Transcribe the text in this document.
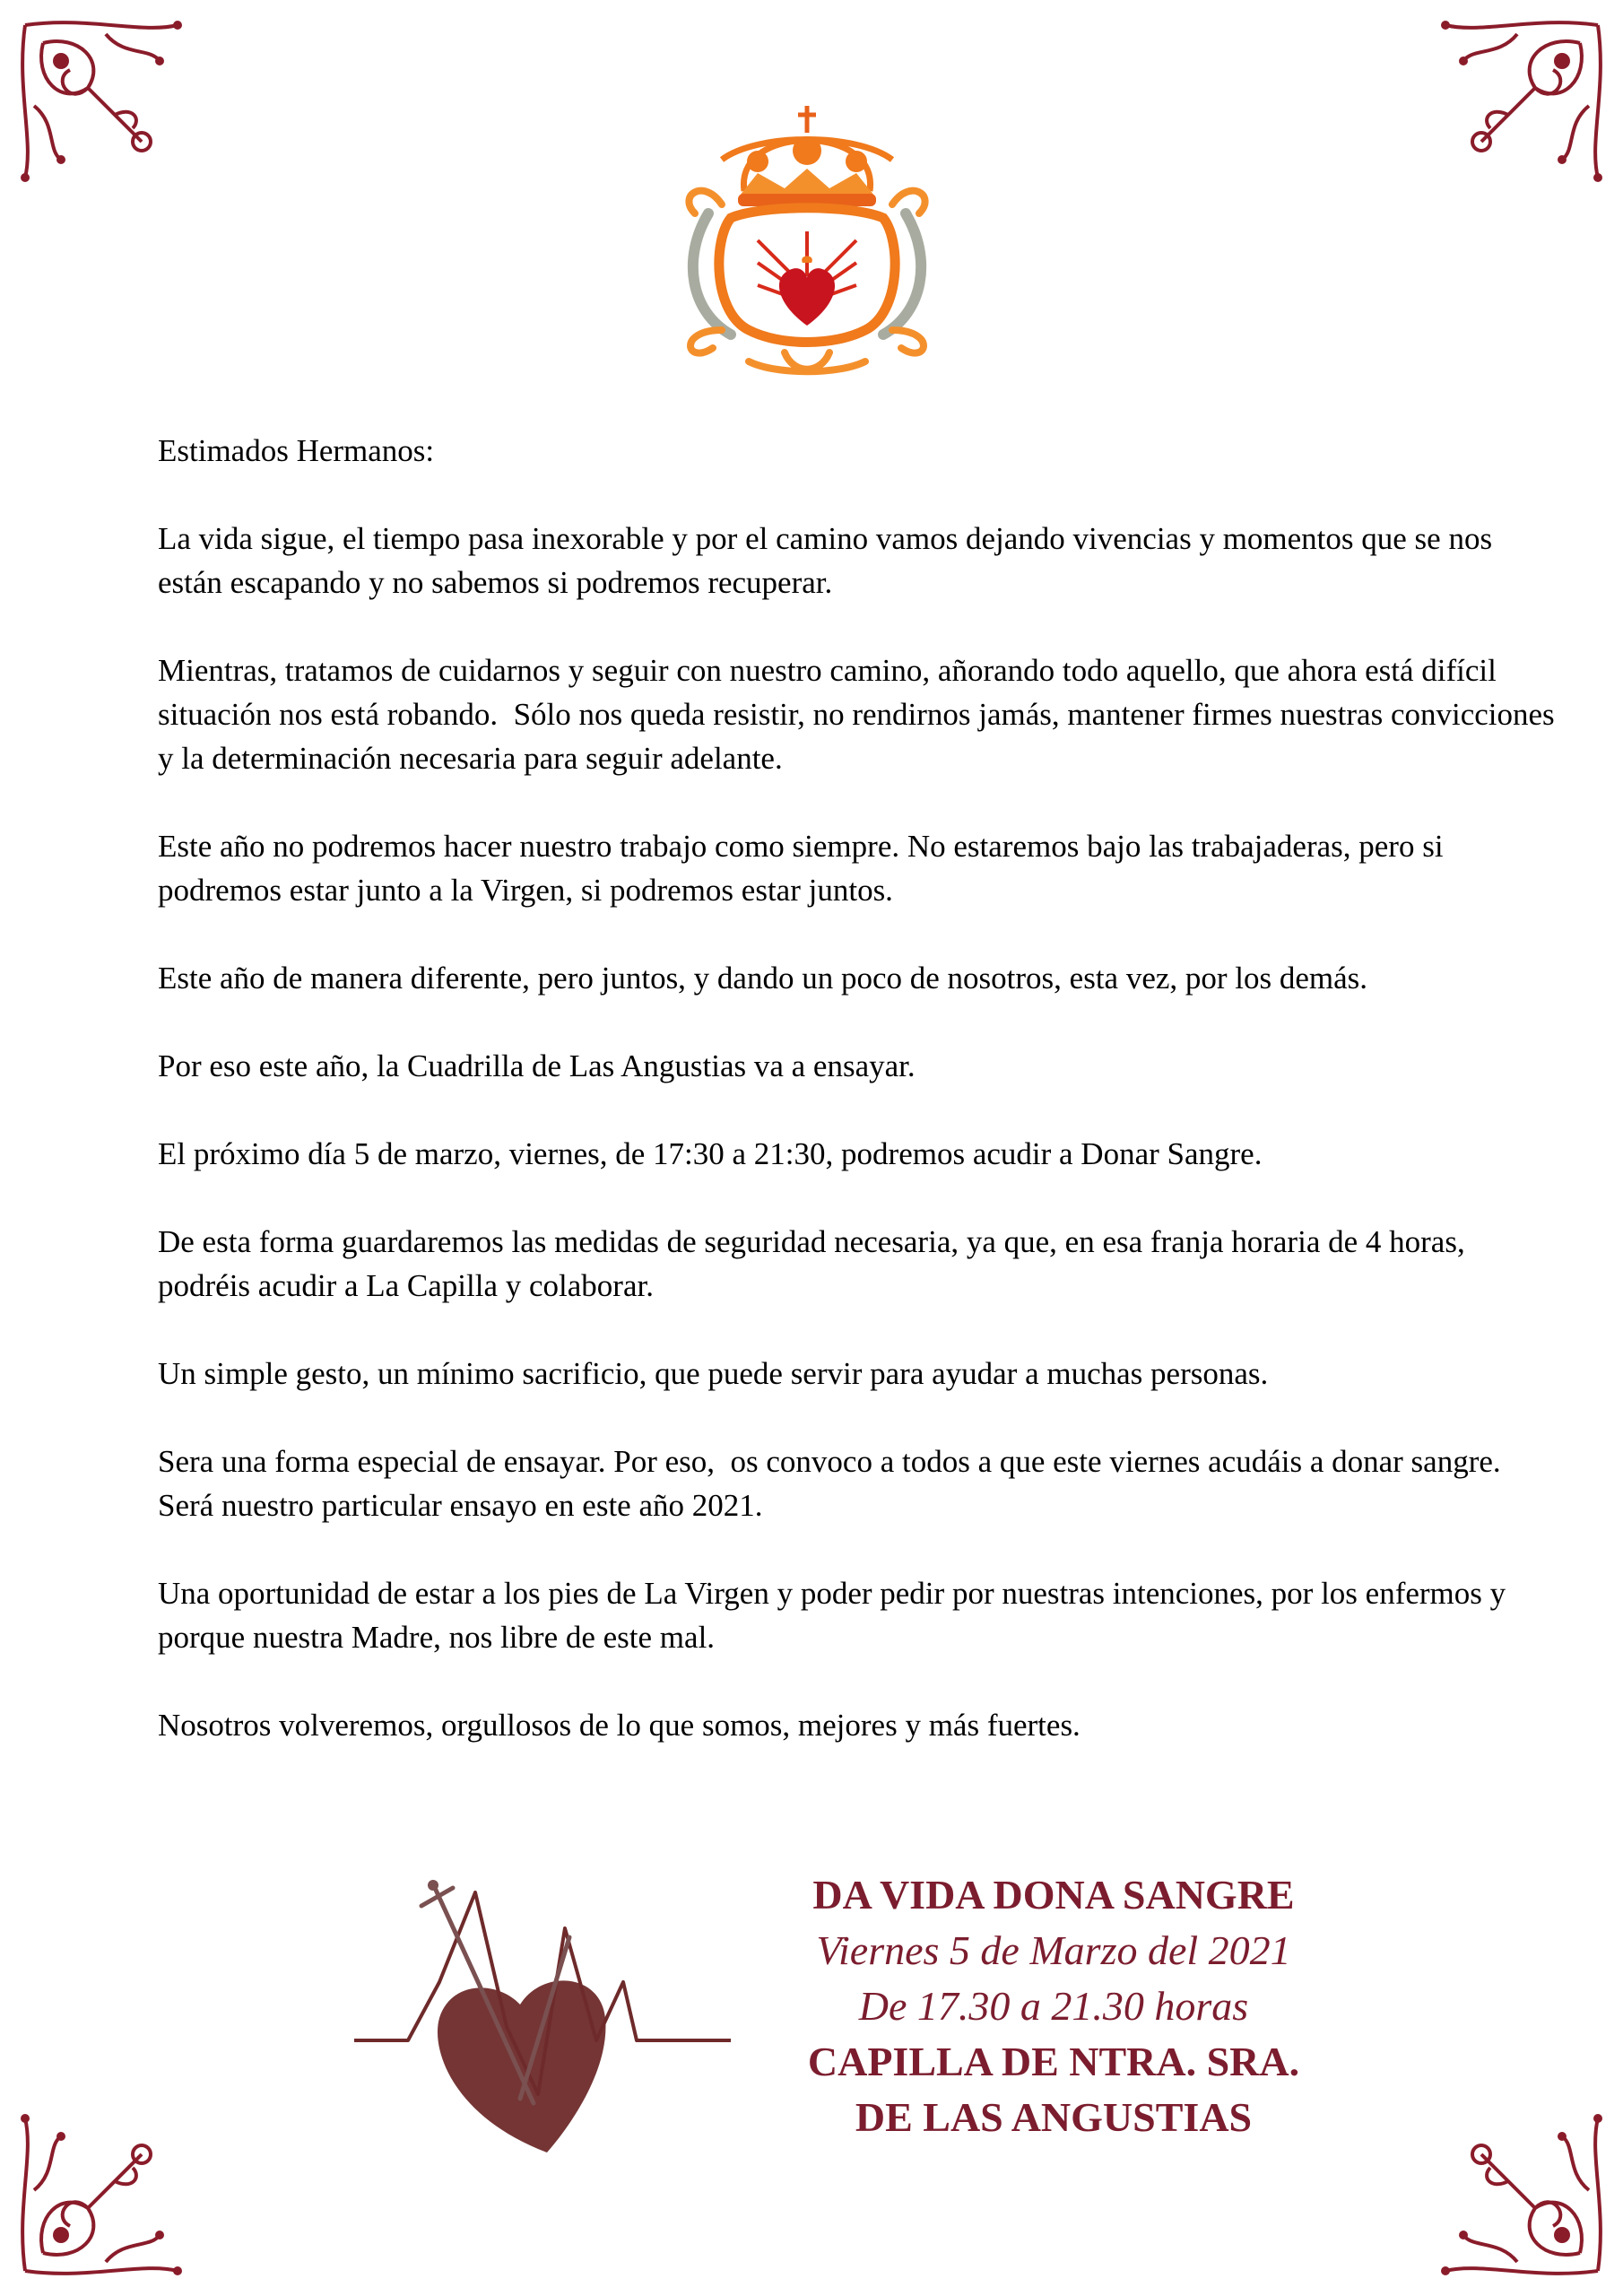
Estimados Hermanos:

La vida sigue, el tiempo pasa inexorable y por el camino vamos dejando vivencias y momentos que se nos están escapando y no sabemos si podremos recuperar.

Mientras, tratamos de cuidarnos y seguir con nuestro camino, añorando todo aquello, que ahora está difícil situación nos está robando.  Sólo nos queda resistir, no rendirnos jamás, mantener firmes nuestras convicciones y la determinación necesaria para seguir adelante.

Este año no podremos hacer nuestro trabajo como siempre. No estaremos bajo las trabajaderas, pero si podremos estar junto a la Virgen, si podremos estar juntos.

Este año de manera diferente, pero juntos, y dando un poco de nosotros, esta vez, por los demás.

Por eso este año, la Cuadrilla de Las Angustias va a ensayar.

El próximo día 5 de marzo, viernes, de 17:30 a 21:30, podremos acudir a Donar Sangre.

De esta forma guardaremos las medidas de seguridad necesaria, ya que, en esa franja horaria de 4 horas, podréis acudir a La Capilla y colaborar.

Un simple gesto, un mínimo sacrificio, que puede servir para ayudar a muchas personas.

Sera una forma especial de ensayar. Por eso,  os convoco a todos a que este viernes acudáis a donar sangre. Será nuestro particular ensayo en este año 2021.

Una oportunidad de estar a los pies de La Virgen y poder pedir por nuestras intenciones, por los enfermos y porque nuestra Madre, nos libre de este mal.

Nosotros volveremos, orgullosos de lo que somos, mejores y más fuertes.

DA VIDA DONA SANGRE
Viernes 5 de Marzo del 2021
De 17.30 a 21.30 horas
CAPILLA DE NTRA. SRA.
DE LAS ANGUSTIAS
